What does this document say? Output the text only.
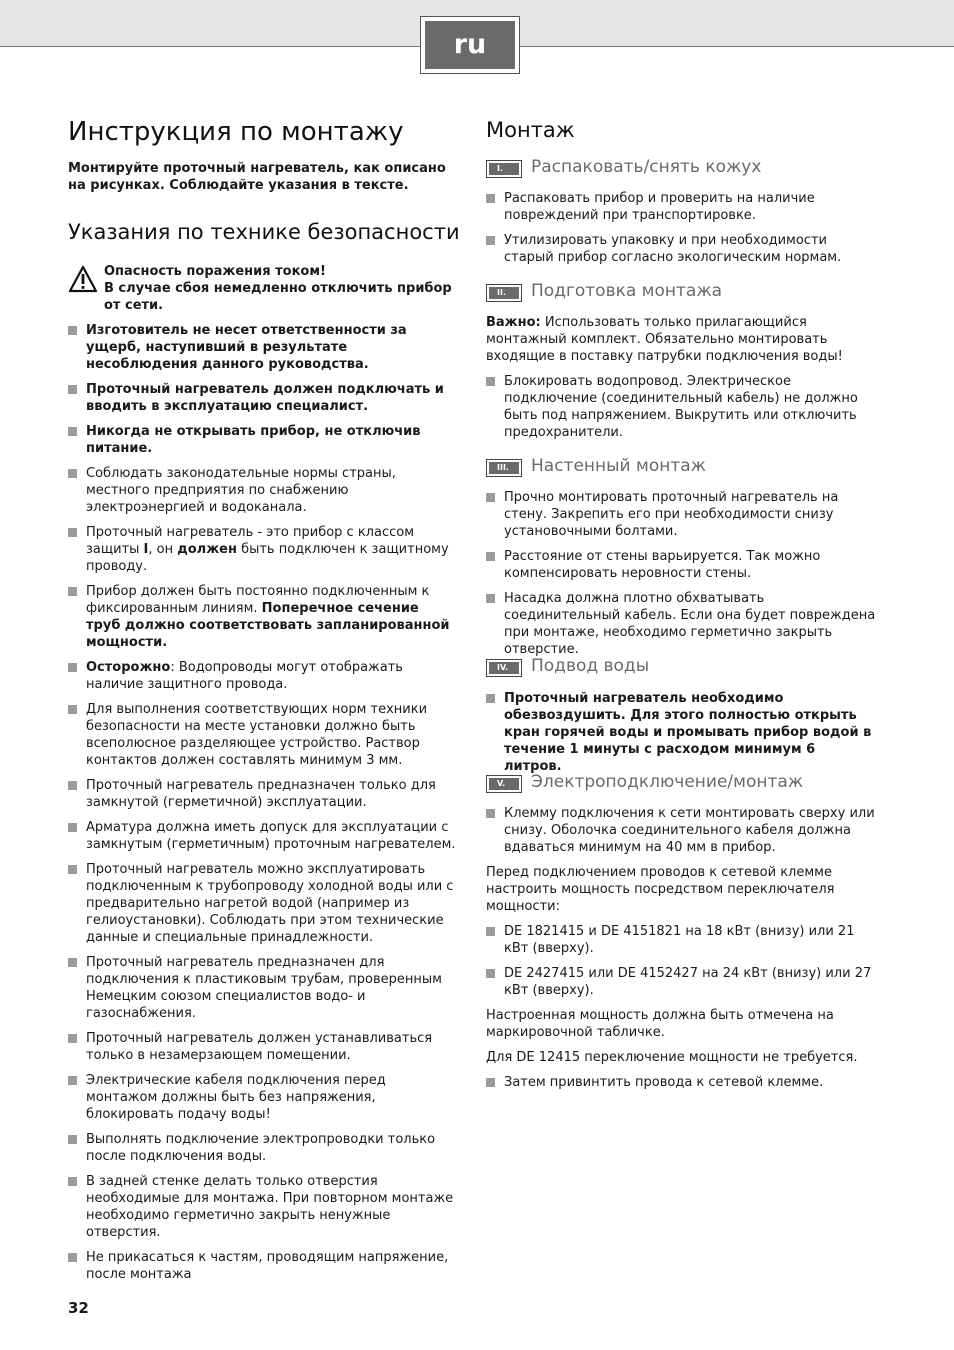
ru
Инструкция по монтажу

Монтируйте проточный нагреватель, как описано на рисунках. Соблюдайте указания в тексте.

Указания по технике безопасности
Опасность поражения током!
В случае сбоя немедленно отключить прибор от сети.
Изготовитель не несет ответственности за ущерб, наступивший в результате несоблюдения данного руководства.
Проточный нагреватель должен подключать и вводить в эксплуатацию специалист.
Никогда не открывать прибор, не отключив питание.
Соблюдать законодательные нормы страны, местного предприятия по снабжению электроэнергией и водоканала.
Проточный нагреватель - это прибор с классом защиты I, он должен быть подключен к защитному проводу.
Прибор должен быть постоянно подключенным к фиксированным линиям. Поперечное сечение труб должно соответствовать запланированной мощности.
Осторожно: Водопроводы могут отображать наличие защитного провода.
Для выполнения соответствующих норм техники безопасности на месте установки должно быть всеполюсное разделяющее устройство. Раствор контактов должен составлять минимум 3 мм.
Проточный нагреватель предназначен только для замкнутой (герметичной) эксплуатации.
Арматура должна иметь допуск для эксплуатации с замкнутым (герметичным) проточным нагревателем.
Проточный нагреватель можно эксплуатировать подключенным к трубопроводу холодной воды или с предварительно нагретой водой (например из гелиоустановки). Соблюдать при этом технические данные и специальные принадлежности.
Проточный нагреватель предназначен для подключения к пластиковым трубам, проверенным Немецким союзом специалистов водо- и газоснабжения.
Проточный нагреватель должен устанавливаться только в незамерзающем помещении.
Электрические кабеля подключения перед монтажом должны быть без напряжения, блокировать подачу воды!
Выполнять подключение электропроводки только после подключения воды.
В задней стенке делать только отверстия необходимые для монтажа. При повторном монтаже необходимо герметично закрыть ненужные отверстия.
Не прикасаться к частям, проводящим напряжение, после монтажа
Монтаж
I.	Распаковать/снять кожух
Распаковать прибор и проверить на наличие повреждений при транспортировке.
Утилизировать упаковку и при необходимости старый прибор согласно экологическим нормам.
II.	Подготовка монтажа

Важно: Использовать только прилагающийся монтажный комплект. Обязательно монтировать входящие в поставку патрубки подключения воды!

Блокировать водопровод. Электрическое подключение (соединительный кабель) не должно быть под напряжением. Выкрутить или отключить предохранители.
III.	Настенный монтаж
Прочно монтировать проточный нагреватель на стену. Закрепить его при необходимости снизу установочными болтами.
Расстояние от стены варьируется. Так можно компенсировать неровности стены.
Насадка должна плотно обхватывать соединительный кабель. Если она будет повреждена при монтаже, необходимо герметично закрыть отверстие.
IV.	Подвод воды
Проточный нагреватель необходимо обезвоздушить. Для этого полностью открыть кран горячей воды и промывать прибор водой в течение 1 минуты с расходом минимум 6 литров.
V.	Электроподключение/монтаж
Клемму подключения к сети монтировать сверху или снизу. Оболочка соединительного кабеля должна вдаваться минимум на 40 мм в прибор.

Перед подключением проводов к сетевой клемме настроить мощность посредством переключателя мощности:

DE 1821415 и DE 4151821 на 18 кВт (внизу) или 21 кВт (вверху).
DE 2427415 или DE 4152427 на 24 кВт (внизу) или 27 кВт (вверху).

Настроенная мощность должна быть отмечена на маркировочной табличке.

Для DE 12415 переключение мощности не требуется.

Затем привинтить провода к сетевой клемме.
32
